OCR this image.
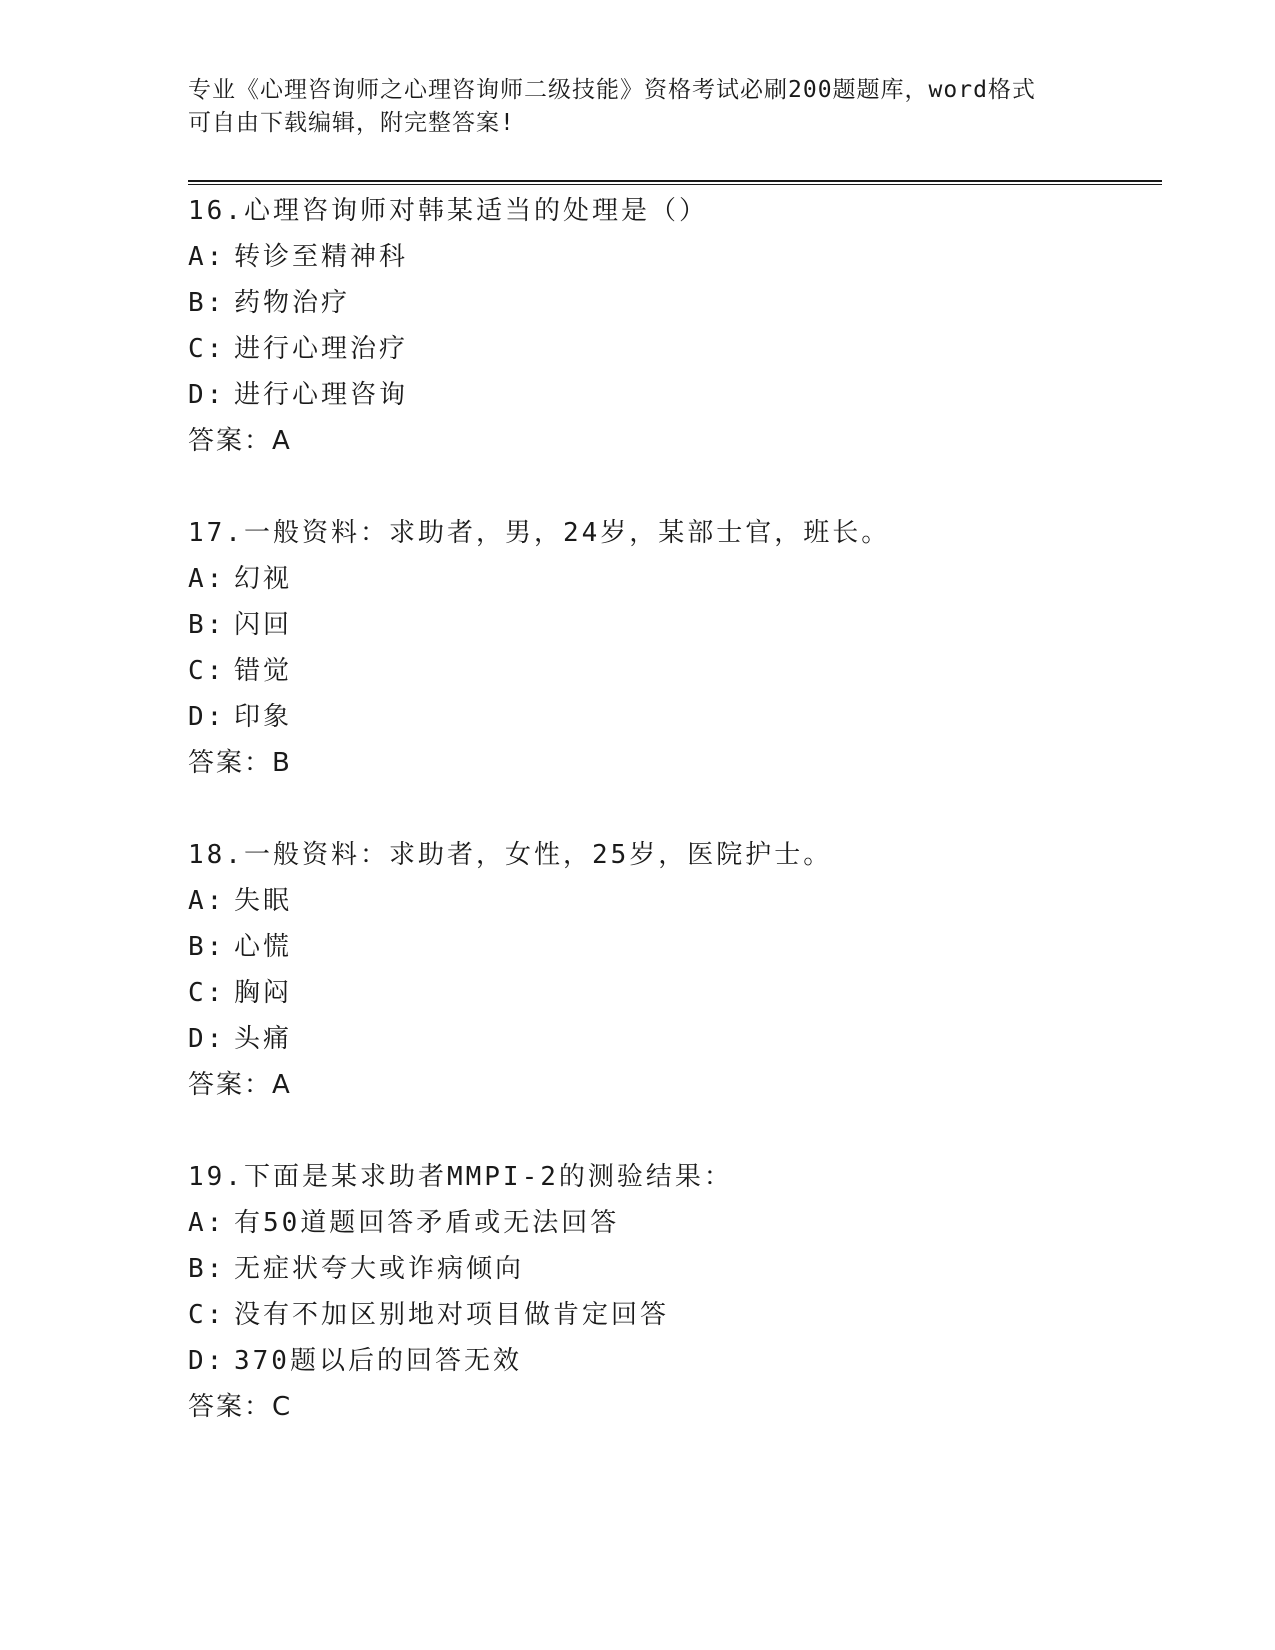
专业《心理咨询师之心理咨询师二级技能》资格考试必刷200题题库，word格式
可自由下载编辑，附完整答案!
16.心理咨询师对韩某适当的处理是（）
A: 转诊至精神科
B: 药物治疗
C: 进行心理治疗
D: 进行心理咨询
答案：A
17.一般资料：求助者，男，24岁，某部士官，班长。
A: 幻视
B: 闪回
C: 错觉
D: 印象
答案：B
18.一般资料：求助者，女性，25岁，医院护士。
A: 失眠
B: 心慌
C: 胸闷
D: 头痛
答案：A
19.下面是某求助者MMPI-2的测验结果：
A: 有50道题回答矛盾或无法回答
B: 无症状夸大或诈病倾向
C: 没有不加区别地对项目做肯定回答
D: 370题以后的回答无效
答案：C
